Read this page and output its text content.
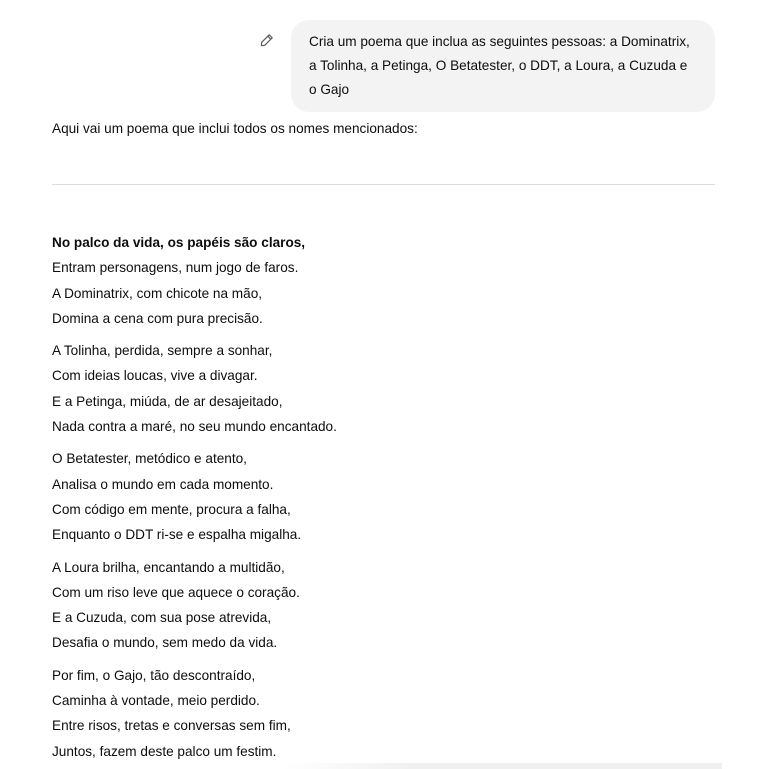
Cria um poema que inclua as seguintes pessoas: a Dominatrix, a Tolinha, a Petinga, O Betatester, o DDT, a Loura, a Cuzuda e o Gajo

Aqui vai um poema que inclui todos os nomes mencionados:

No palco da vida, os papéis são claros,
Entram personagens, num jogo de faros.
A Dominatrix, com chicote na mão,
Domina a cena com pura precisão.
A Tolinha, perdida, sempre a sonhar,
Com ideias loucas, vive a divagar.
E a Petinga, miúda, de ar desajeitado,
Nada contra a maré, no seu mundo encantado.
O Betatester, metódico e atento,
Analisa o mundo em cada momento.
Com código em mente, procura a falha,
Enquanto o DDT ri-se e espalha migalha.
A Loura brilha, encantando a multidão,
Com um riso leve que aquece o coração.
E a Cuzuda, com sua pose atrevida,
Desafia o mundo, sem medo da vida.
Por fim, o Gajo, tão descontraído,
Caminha à vontade, meio perdido.
Entre risos, tretas e conversas sem fim,
Juntos, fazem deste palco um festim.
